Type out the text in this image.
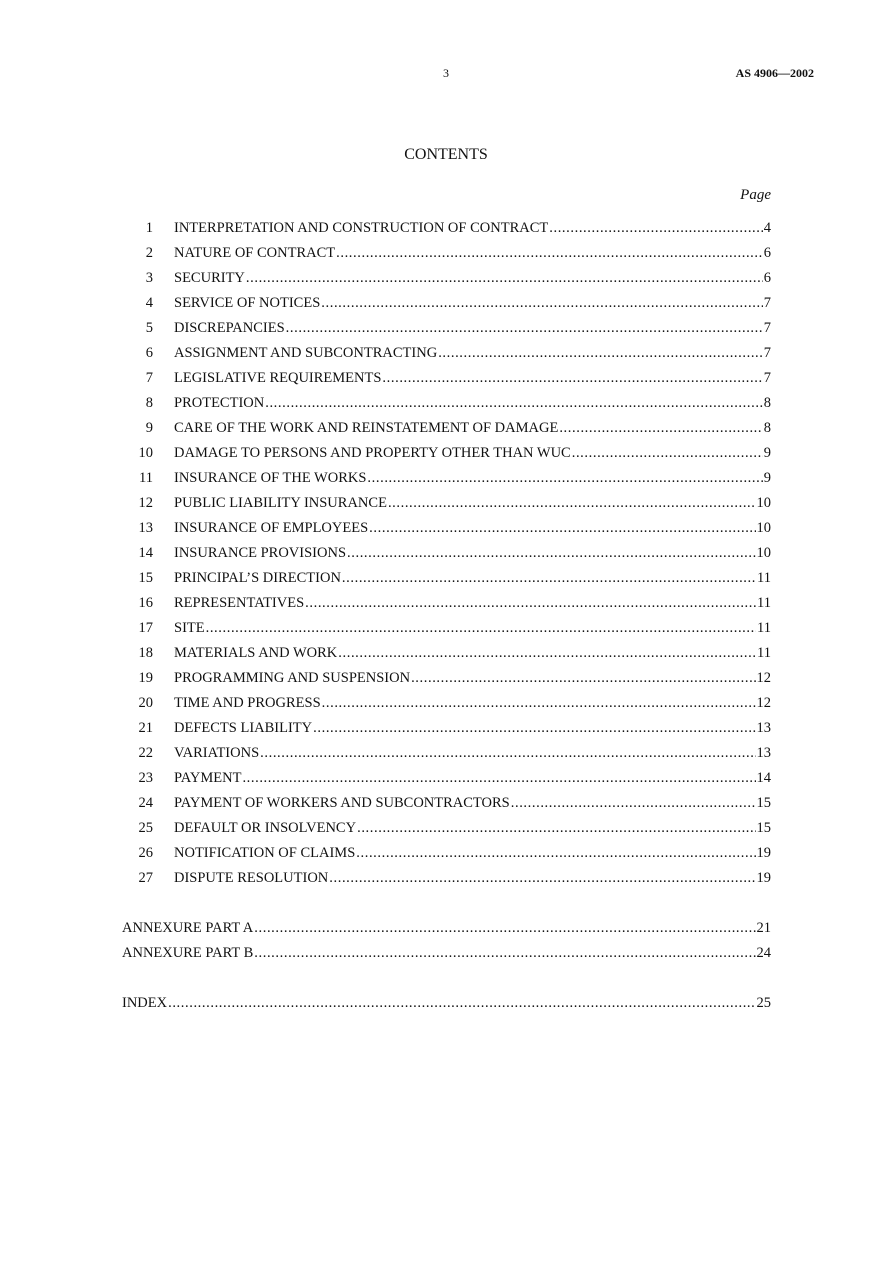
3	AS 4906—2002
CONTENTS
Page
1 INTERPRETATION AND CONSTRUCTION OF CONTRACT .....	4
2 NATURE OF CONTRACT .....	6
3 SECURITY .....	6
4 SERVICE OF NOTICES .....	7
5 DISCREPANCIES .....	7
6 ASSIGNMENT AND SUBCONTRACTING .....	7
7 LEGISLATIVE REQUIREMENTS .....	7
8 PROTECTION .....	8
9 CARE OF THE WORK AND REINSTATEMENT OF DAMAGE .....	8
10 DAMAGE TO PERSONS AND PROPERTY OTHER THAN WUC .....	9
11 INSURANCE OF THE WORKS .....	9
12 PUBLIC LIABILITY INSURANCE .....	10
13 INSURANCE OF EMPLOYEES .....	10
14 INSURANCE PROVISIONS .....	10
15 PRINCIPAL’S DIRECTION .....	11
16 REPRESENTATIVES .....	11
17 SITE .....	11
18 MATERIALS AND WORK .....	11
19 PROGRAMMING AND SUSPENSION .....	12
20 TIME AND PROGRESS .....	12
21 DEFECTS LIABILITY .....	13
22 VARIATIONS .....	13
23 PAYMENT .....	14
24 PAYMENT OF WORKERS AND SUBCONTRACTORS .....	15
25 DEFAULT OR INSOLVENCY .....	15
26 NOTIFICATION OF CLAIMS .....	19
27 DISPUTE RESOLUTION .....	19
ANNEXURE PART A .....	21
ANNEXURE PART B .....	24
INDEX .....	25
